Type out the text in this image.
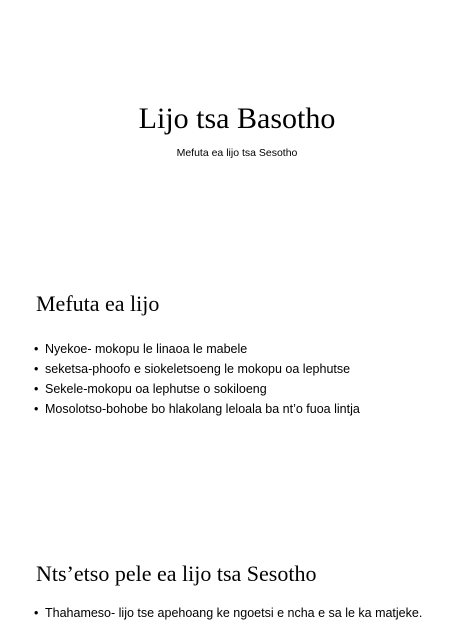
Lijo tsa Basotho
Mefuta ea lijo tsa Sesotho
Mefuta ea lijo
• Nyekoe- mokopu le linaoa le mabele
• seketsa-phoofo e siokeletsoeng le mokopu oa lephutse
• Sekele-mokopu oa lephutse o sokiloeng
• Mosolotso-bohobe bo hlakolang leloala ba nt’o fuoa lintja
Nts’etso pele ea lijo tsa Sesotho
• Thahameso- lijo tse apehoang ke ngoetsi e ncha e sa le ka matjeke.
